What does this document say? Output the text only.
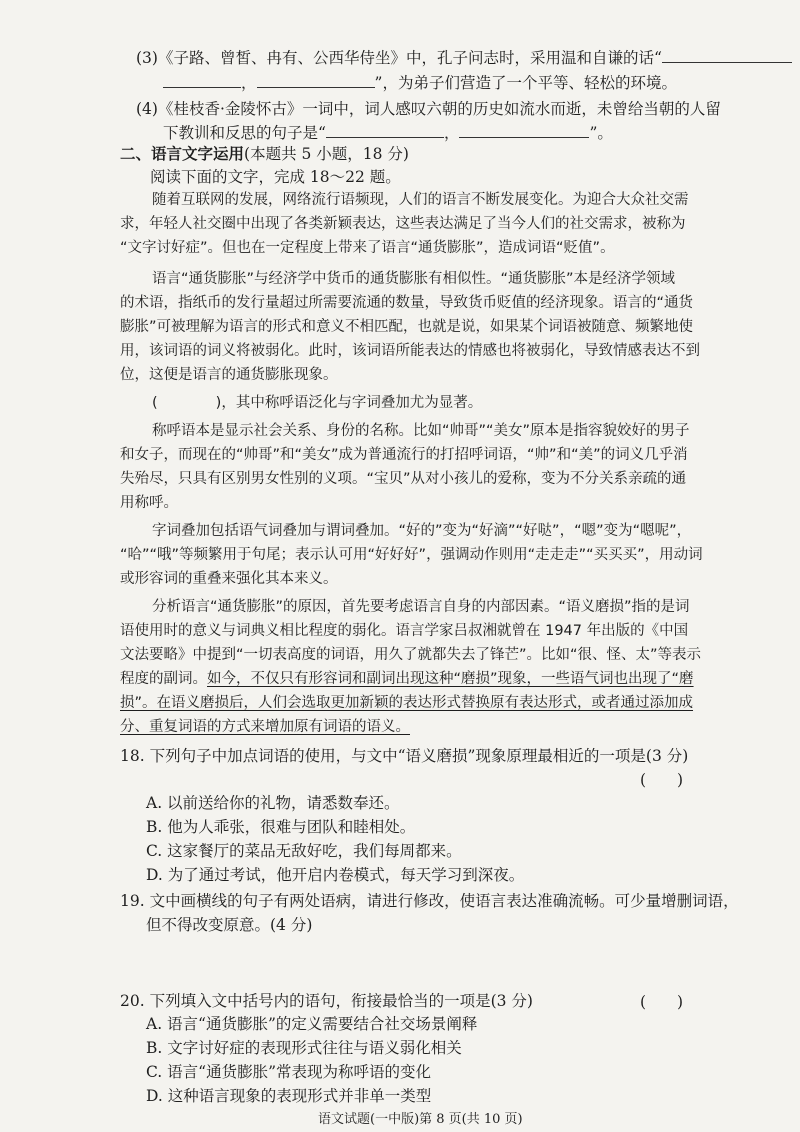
(3)《子路、曾皙、冉有、公西华侍坐》中，孔子问志时，采用温和自谦的话“
，	”，为弟子们营造了一个平等、轻松的环境。
(4)《桂枝香·金陵怀古》一词中，词人感叹六朝的历史如流水而逝，未曾给当朝的人留
下教训和反思的句子是“	，	”。
二、语言文字运用(本题共 5 小题，18 分)
阅读下面的文字，完成 18～22 题。
随着互联网的发展，网络流行语频现，人们的语言不断发展变化。为迎合大众社交需
求，年轻人社交圈中出现了各类新颖表达，这些表达满足了当今人们的社交需求，被称为
“文字讨好症”。但也在一定程度上带来了语言“通货膨胀”，造成词语“贬值”。
语言“通货膨胀”与经济学中货币的通货膨胀有相似性。“通货膨胀”本是经济学领域
的术语，指纸币的发行量超过所需要流通的数量，导致货币贬值的经济现象。语言的“通货
膨胀”可被理解为语言的形式和意义不相匹配，也就是说，如果某个词语被随意、频繁地使
用，该词语的词义将被弱化。此时，该词语所能表达的情感也将被弱化，导致情感表达不到
位，这便是语言的通货膨胀现象。
(　　　　)，其中称呼语泛化与字词叠加尤为显著。
称呼语本是显示社会关系、身份的名称。比如“帅哥”“美女”原本是指容貌姣好的男子
和女子，而现在的“帅哥”和“美女”成为普通流行的打招呼词语，“帅”和“美”的词义几乎消
失殆尽，只具有区别男女性别的义项。“宝贝”从对小孩儿的爱称，变为不分关系亲疏的通
用称呼。
字词叠加包括语气词叠加与谓词叠加。“好的”变为“好滴”“好哒”，“嗯”变为“嗯呢”，
“哈”“哦”等频繁用于句尾；表示认可用“好好好”，强调动作则用“走走走”“买买买”，用动词
或形容词的重叠来强化其本来义。
分析语言“通货膨胀”的原因，首先要考虑语言自身的内部因素。“语义磨损”指的是词
语使用时的意义与词典义相比程度的弱化。语言学家吕叔湘就曾在 1947 年出版的《中国
文法要略》中提到“一切表高度的词语，用久了就都失去了锋芒”。比如“很、怪、太”等表示
程度的副词。如今，不仅只有形容词和副词出现这种“磨损”现象，一些语气词也出现了“磨
损”。在语义磨损后，人们会选取更加新颖的表达形式替换原有表达形式，或者通过添加成
分、重复词语的方式来增加原有词语的语义。
18. 下列句子中加点词语的使用，与文中“语义磨损”现象原理最相近的一项是(3 分)
(　　)
A. 以前送给你的礼物，请悉数奉还。
B. 他为人乖张，很难与团队和睦相处。
C. 这家餐厅的菜品无敌好吃，我们每周都来。
D. 为了通过考试，他开启内卷模式，每天学习到深夜。
19. 文中画横线的句子有两处语病，请进行修改，使语言表达准确流畅。可少量增删词语，
但不得改变原意。(4 分)
20. 下列填入文中括号内的语句，衔接最恰当的一项是(3 分)	(　　)
A. 语言“通货膨胀”的定义需要结合社交场景阐释
B. 文字讨好症的表现形式往往与语义弱化相关
C. 语言“通货膨胀”常表现为称呼语的变化
D. 这种语言现象的表现形式并非单一类型
语文试题(一中版)第 8 页(共 10 页)
